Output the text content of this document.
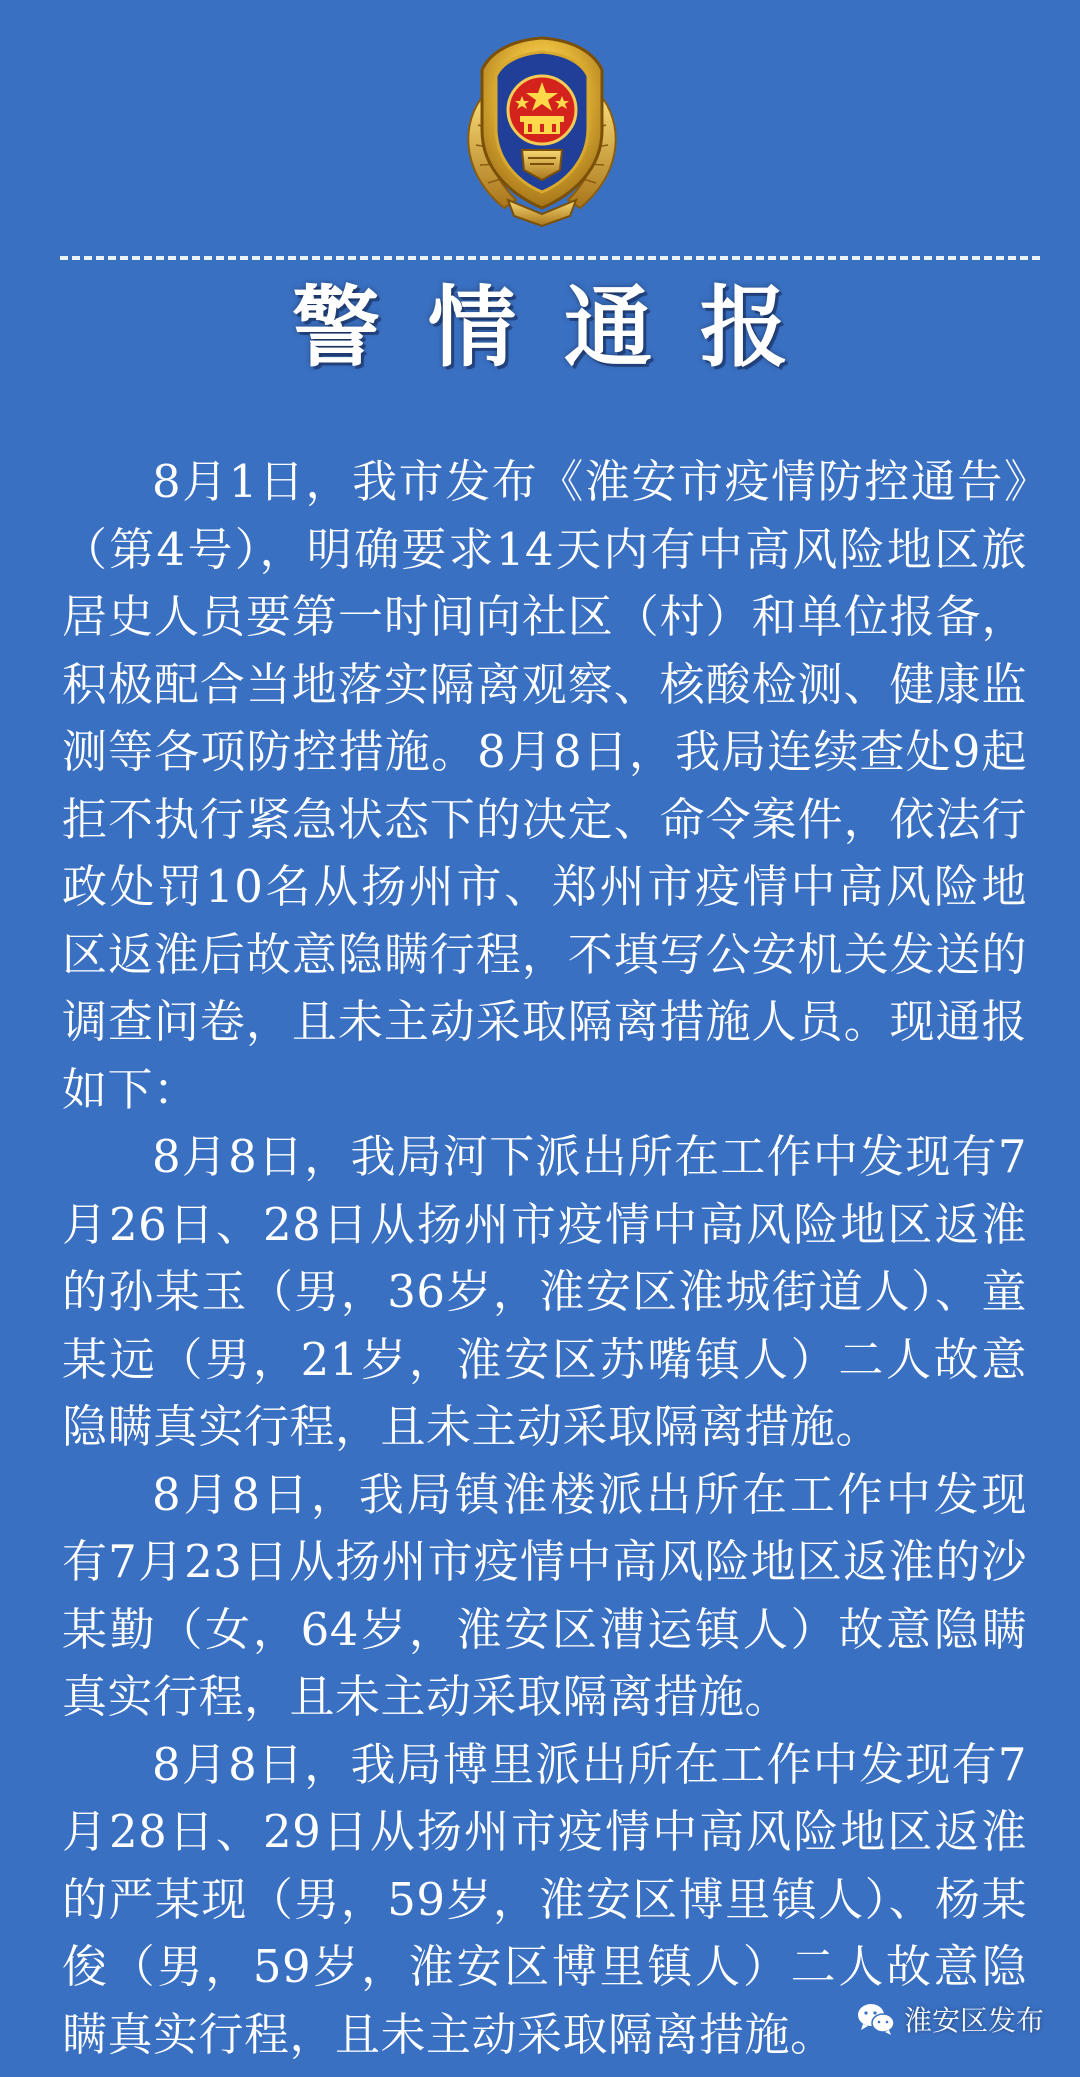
警情通报

8月1日，我市发布《淮安市疫情防控通告》（第4号），明确要求14天内有中高风险地区旅居史人员要第一时间向社区（村）和单位报备，积极配合当地落实隔离观察、核酸检测、健康监测等各项防控措施。8月8日，我局连续查处9起拒不执行紧急状态下的决定、命令案件，依法行政处罚10名从扬州市、郑州市疫情中高风险地区返淮后故意隐瞒行程，不填写公安机关发送的调查问卷，且未主动采取隔离措施人员。现通报如下：

8月8日，我局河下派出所在工作中发现有7月26日、28日从扬州市疫情中高风险地区返淮的孙某玉（男，36岁，淮安区淮城街道人）、童某远（男，21岁，淮安区苏嘴镇人）二人故意隐瞒真实行程，且未主动采取隔离措施。

8月8日，我局镇淮楼派出所在工作中发现有7月23日从扬州市疫情中高风险地区返淮的沙某勤（女，64岁，淮安区漕运镇人）故意隐瞒真实行程，且未主动采取隔离措施。

8月8日，我局博里派出所在工作中发现有7月28日、29日从扬州市疫情中高风险地区返淮的严某现（男，59岁，淮安区博里镇人）、杨某俊（男，59岁，淮安区博里镇人）二人故意隐瞒真实行程，且未主动采取隔离措施。	淮安区发布
